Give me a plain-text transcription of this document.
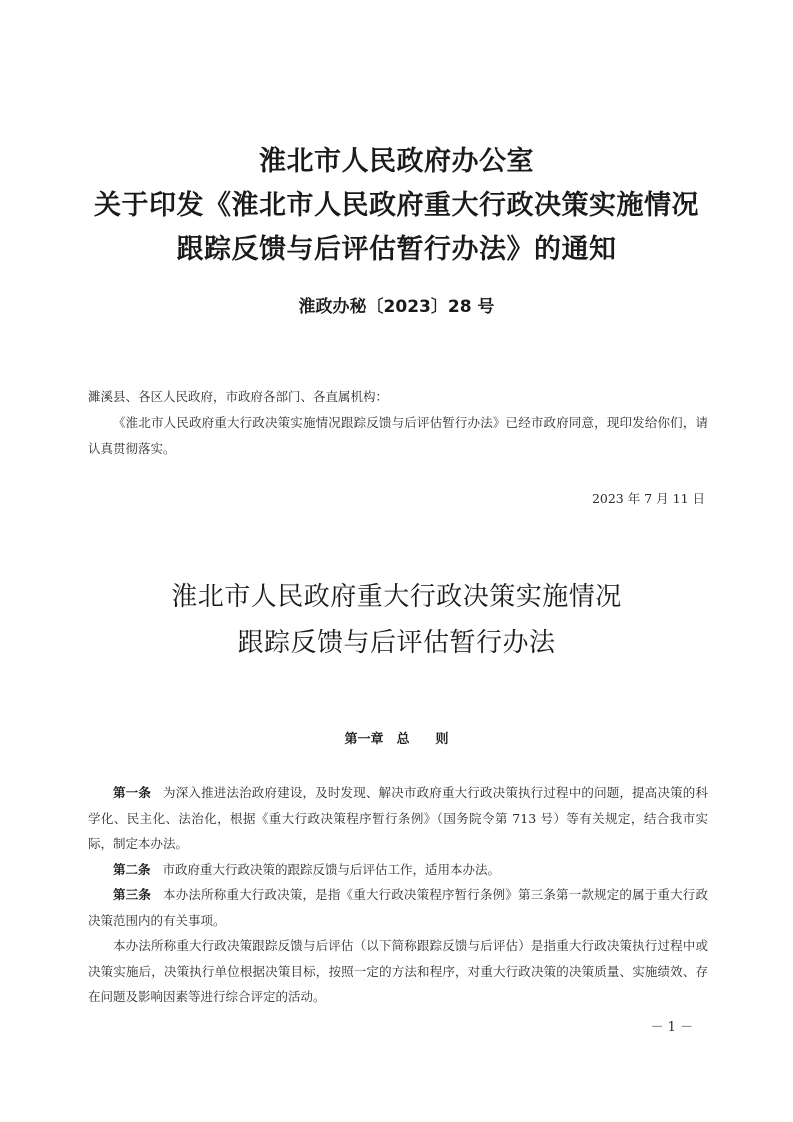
淮北市人民政府办公室
关于印发《淮北市人民政府重大行政决策实施情况
跟踪反馈与后评估暂行办法》的通知
淮政办秘〔2023〕28 号
濉溪县、各区人民政府，市政府各部门、各直属机构：
《淮北市人民政府重大行政决策实施情况跟踪反馈与后评估暂行办法》已经市政府同意，现印发给你们，请认真贯彻落实。
2023 年 7 月 11 日
淮北市人民政府重大行政决策实施情况
跟踪反馈与后评估暂行办法
第一章　总　　则

第一条 为深入推进法治政府建设，及时发现、解决市政府重大行政决策执行过程中的问题，提高决策的科学化、民主化、法治化，根据《重大行政决策程序暂行条例》（国务院令第 713 号）等有关规定，结合我市实际，制定本办法。

第二条 市政府重大行政决策的跟踪反馈与后评估工作，适用本办法。

第三条 本办法所称重大行政决策，是指《重大行政决策程序暂行条例》第三条第一款规定的属于重大行政决策范围内的有关事项。

本办法所称重大行政决策跟踪反馈与后评估（以下简称跟踪反馈与后评估）是指重大行政决策执行过程中或决策实施后，决策执行单位根据决策目标，按照一定的方法和程序，对重大行政决策的决策质量、实施绩效、存在问题及影响因素等进行综合评定的活动。

－ 1 －
